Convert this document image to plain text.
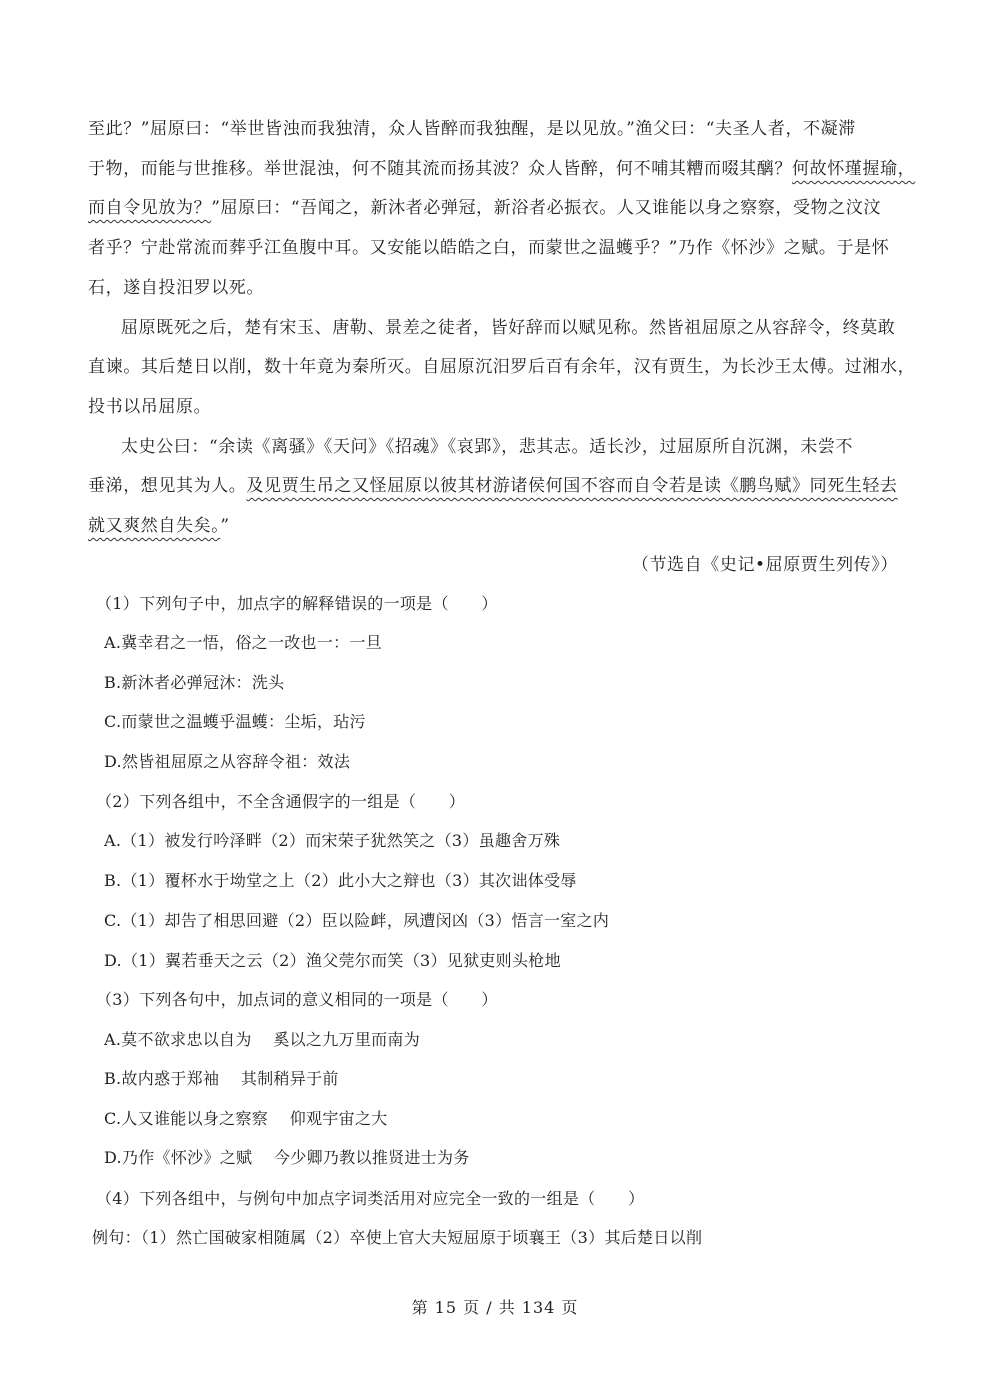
至此？”屈原曰：“举世皆浊而我独清，众人皆醉而我独醒，是以见放。”渔父曰：“夫圣人者，不凝滞
于物，而能与世推移。举世混浊，何不随其流而扬其波？众人皆醉，何不哺其糟而啜其醨？何故怀瑾握瑜，
而自令见放为？”屈原曰：“吾闻之，新沐者必弹冠，新浴者必振衣。人又谁能以身之察察，受物之汶汶
者乎？宁赴常流而葬乎江鱼腹中耳。又安能以皓皓之白，而蒙世之温蠖乎？”乃作《怀沙》之赋。于是怀
石，遂自投汨罗以死。
屈原既死之后，楚有宋玉、唐勒、景差之徒者，皆好辞而以赋见称。然皆祖屈原之从容辞令，终莫敢
直谏。其后楚日以削，数十年竟为秦所灭。自屈原沉汨罗后百有余年，汉有贾生，为长沙王太傅。过湘水，
投书以吊屈原。
太史公曰：“余读《离骚》《天问》《招魂》《哀郢》，悲其志。适长沙，过屈原所自沉渊，未尝不
垂涕，想见其为人。及见贾生吊之又怪屈原以彼其材游诸侯何国不容而自令若是读《鹏鸟赋》同死生轻去
就又爽然自失矣。”
（节选自《史记•屈原贾生列传》）
（1）下列句子中，加点字的解释错误的一项是（　　）
A.冀幸君之一悟，俗之一改也一：一旦
B.新沐者必弹冠沐：洗头
C.而蒙世之温蠖乎温蠖：尘垢，玷污
D.然皆祖屈原之从容辞令祖：效法
（2）下列各组中，不全含通假字的一组是（　　）
A.（1）被发行吟泽畔（2）而宋荣子犹然笑之（3）虽趣舍万殊
B.（1）覆杯水于坳堂之上（2）此小大之辩也（3）其次诎体受辱
C.（1）却告了相思回避（2）臣以险衅，夙遭闵凶（3）悟言一室之内
D.（1）翼若垂天之云（2）渔父莞尔而笑（3）见狱吏则头枪地
（3）下列各句中，加点词的意义相同的一项是（　　）
A.莫不欲求忠以自为　 奚以之九万里而南为
B.故内惑于郑袖　 其制稍异于前
C.人又谁能以身之察察　 仰观宇宙之大
D.乃作《怀沙》之赋　 今少卿乃教以推贤进士为务
（4）下列各组中，与例句中加点字词类活用对应完全一致的一组是（　　）
例句：（1）然亡国破家相随属（2）卒使上官大夫短屈原于顷襄王（3）其后楚日以削
第 15 页 / 共 134 页
